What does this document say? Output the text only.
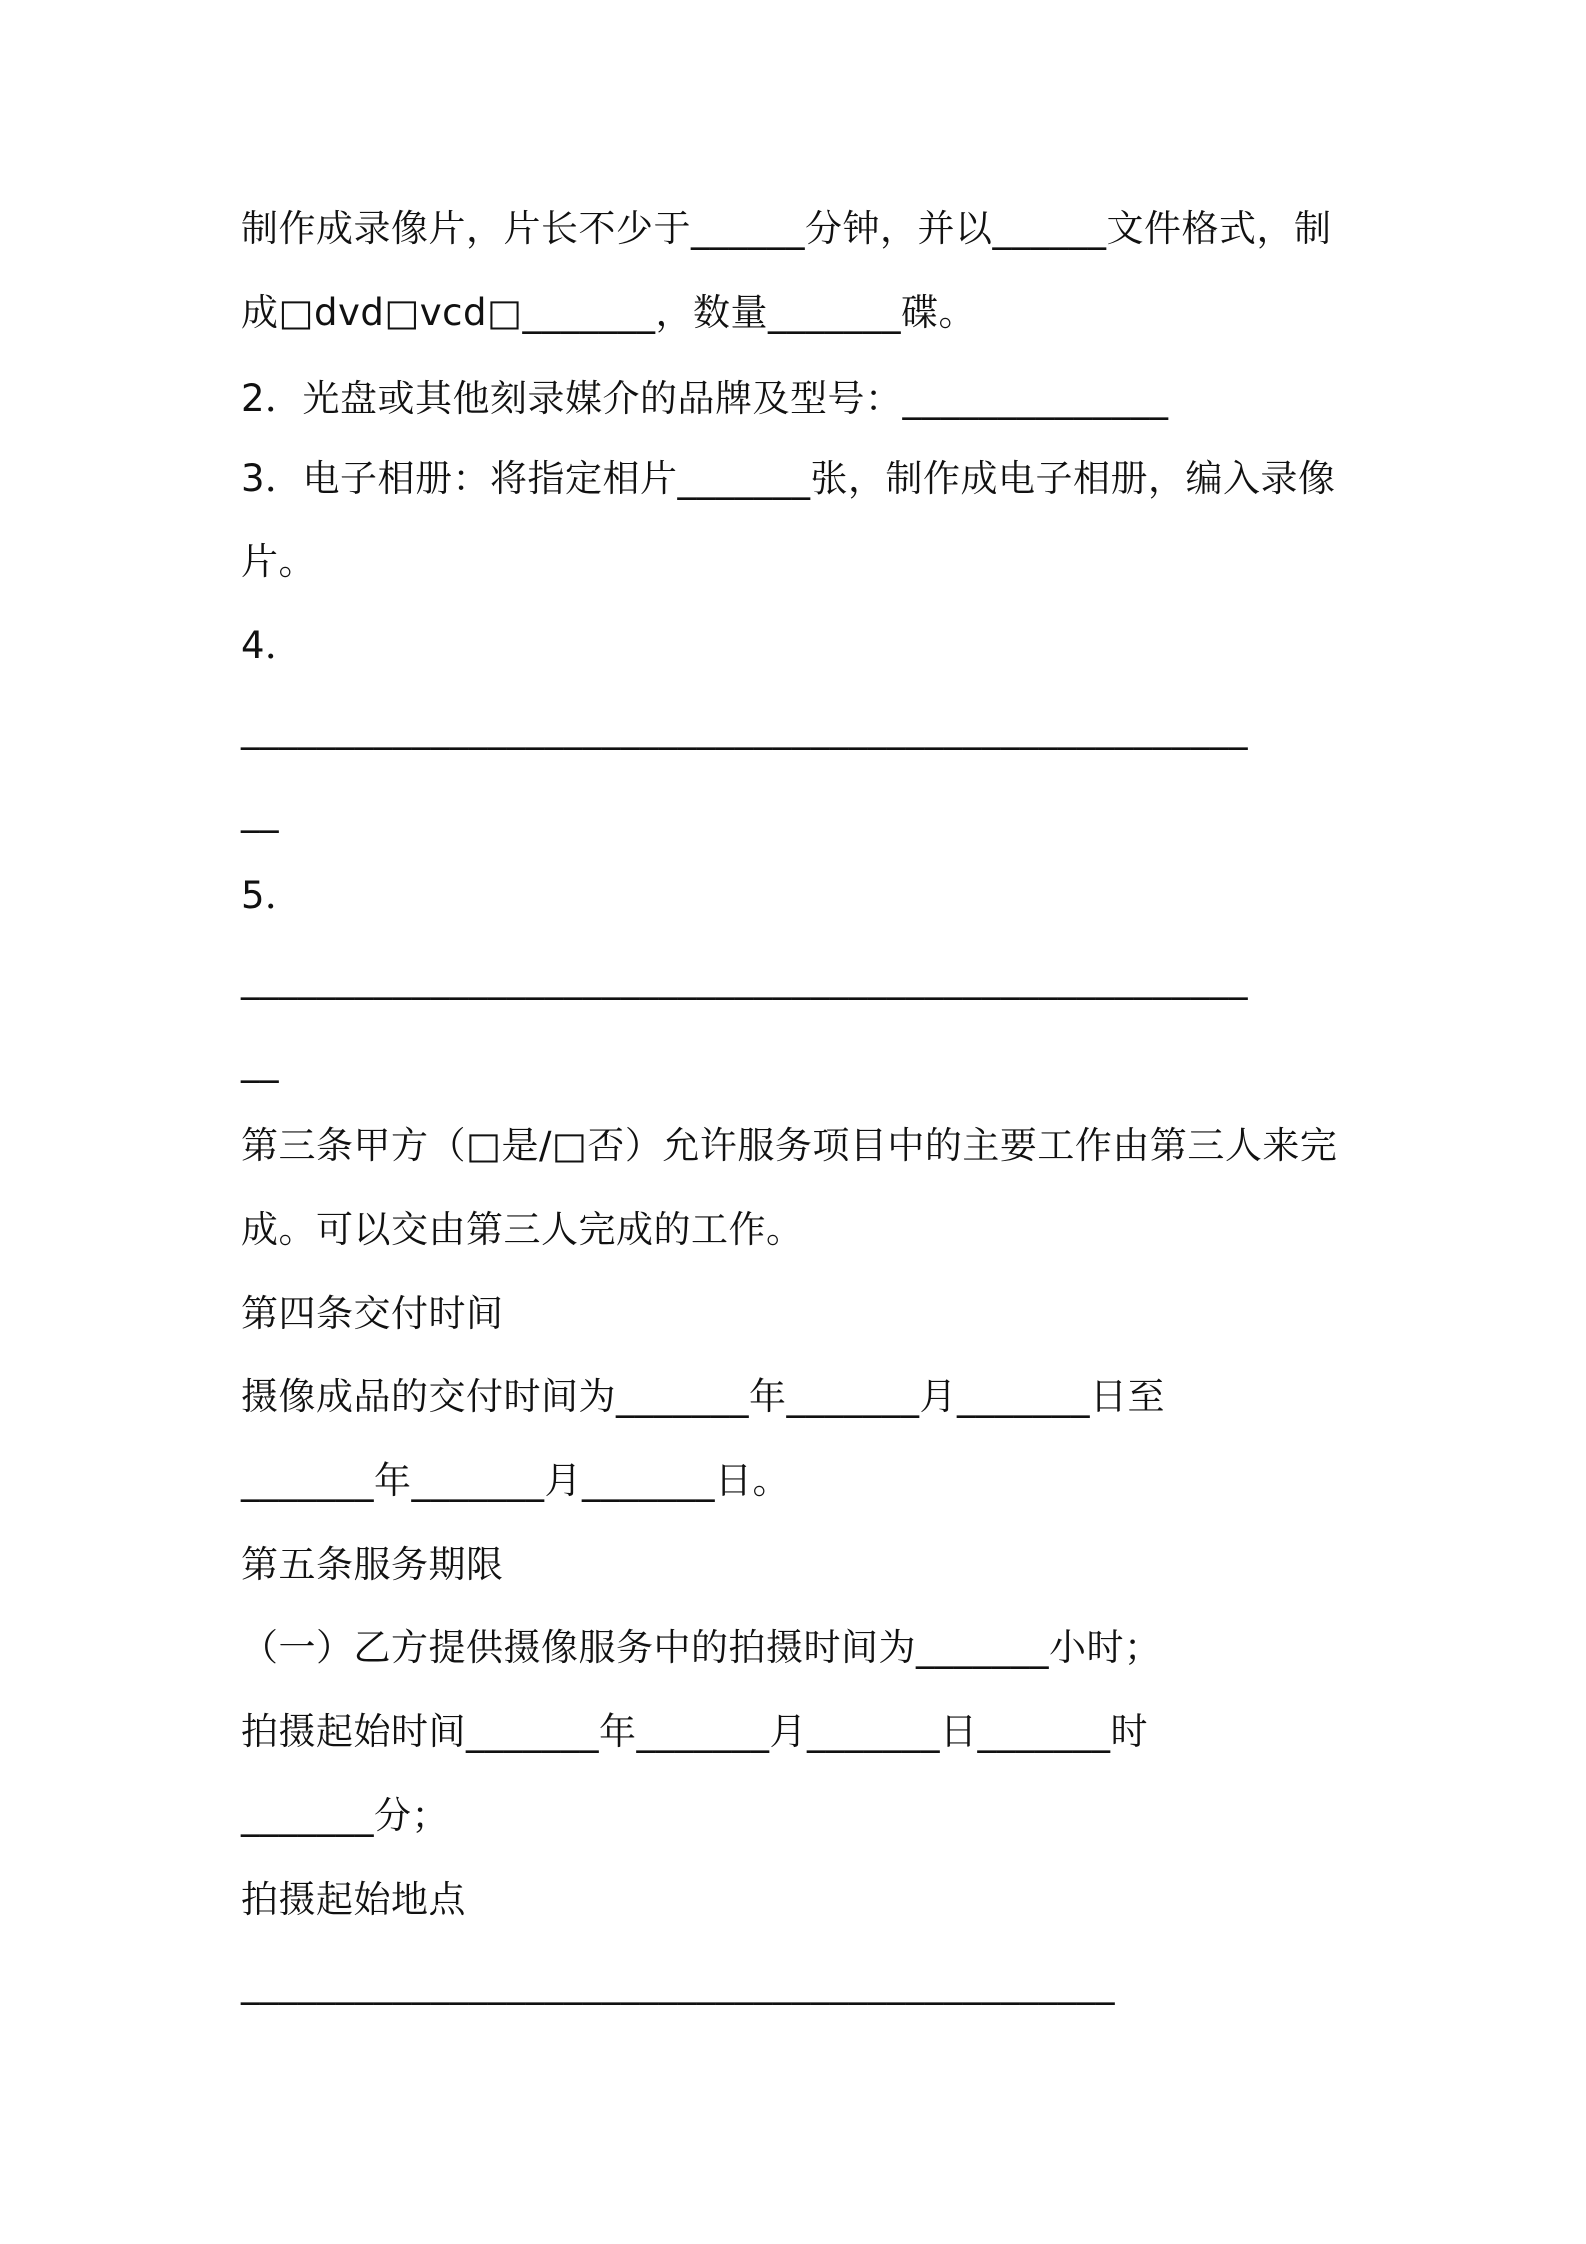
制作成录像片，片长不少于______分钟，并以______文件格式，制
成□dvd□vcd□_______，数量_______碟。
2．光盘或其他刻录媒介的品牌及型号：______________
3．电子相册：将指定相片_______张，制作成电子相册，编入录像
片。
4．
_____________________________________________________
__
5．
_____________________________________________________
__
第三条甲方（□是/□否）允许服务项目中的主要工作由第三人来完
成。可以交由第三人完成的工作。
第四条交付时间
摄像成品的交付时间为_______年_______月_______日至
_______年_______月_______日。
第五条服务期限
（一）乙方提供摄像服务中的拍摄时间为_______小时；
拍摄起始时间_______年_______月_______日_______时
_______分；
拍摄起始地点
______________________________________________
